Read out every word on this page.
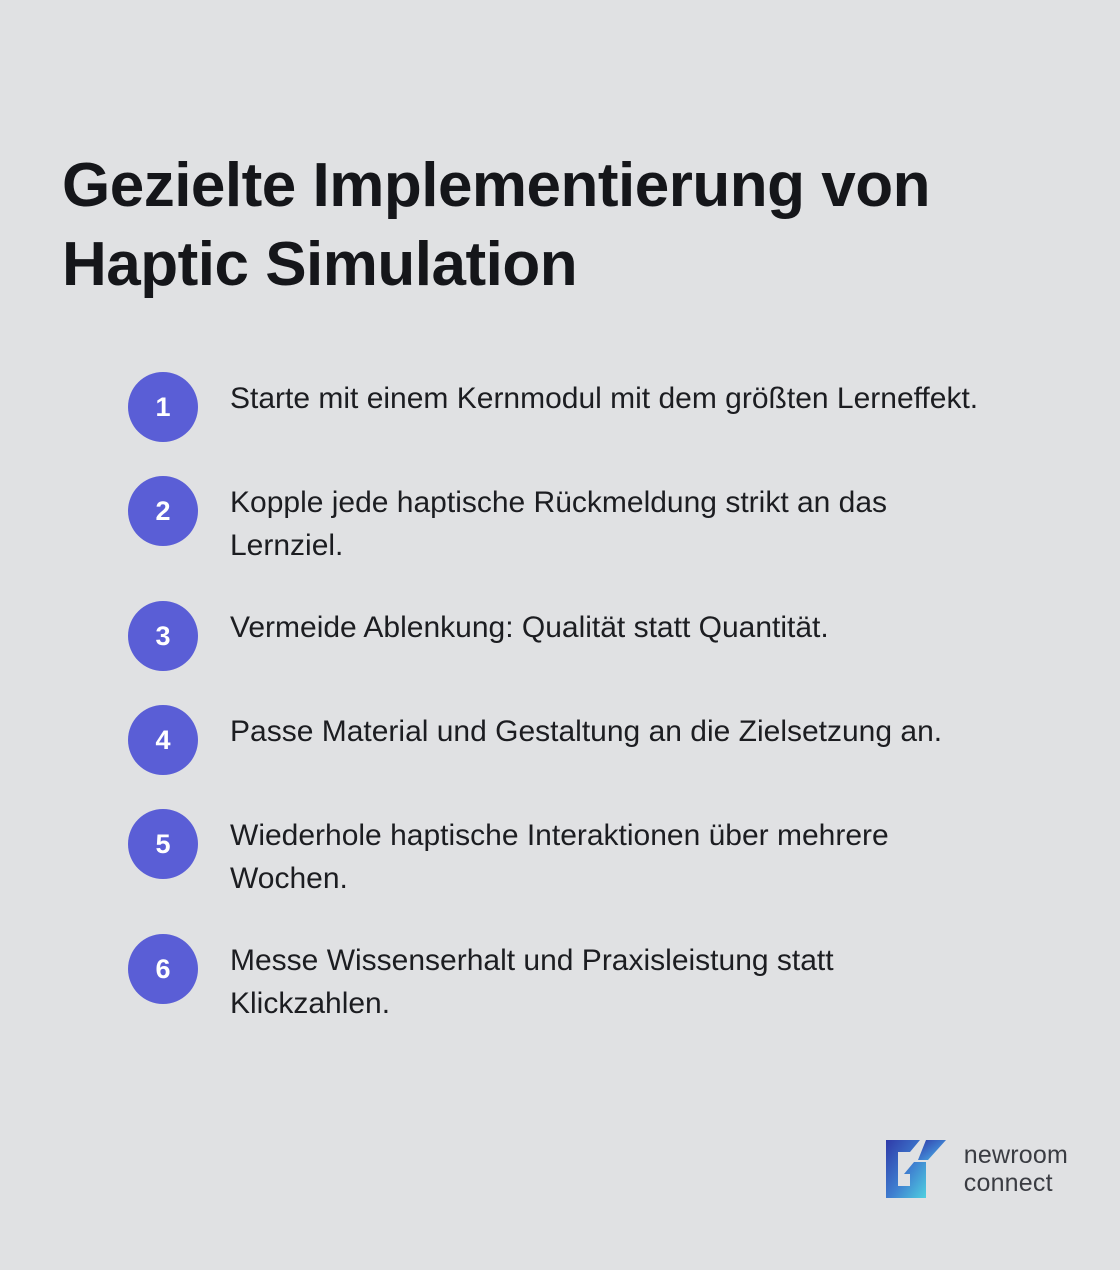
Gezielte Implementierung von Haptic Simulation
1	Starte mit einem Kernmodul mit dem größten Lerneffekt.
2	Kopple jede haptische Rückmeldung strikt an das Lernziel.
3	Vermeide Ablenkung: Qualität statt Quantität.
4	Passe Material und Gestaltung an die Zielsetzung an.
5	Wiederhole haptische Interaktionen über mehrere Wochen.
6	Messe Wissenserhalt und Praxisleistung statt Klickzahlen.
newroom
connect
